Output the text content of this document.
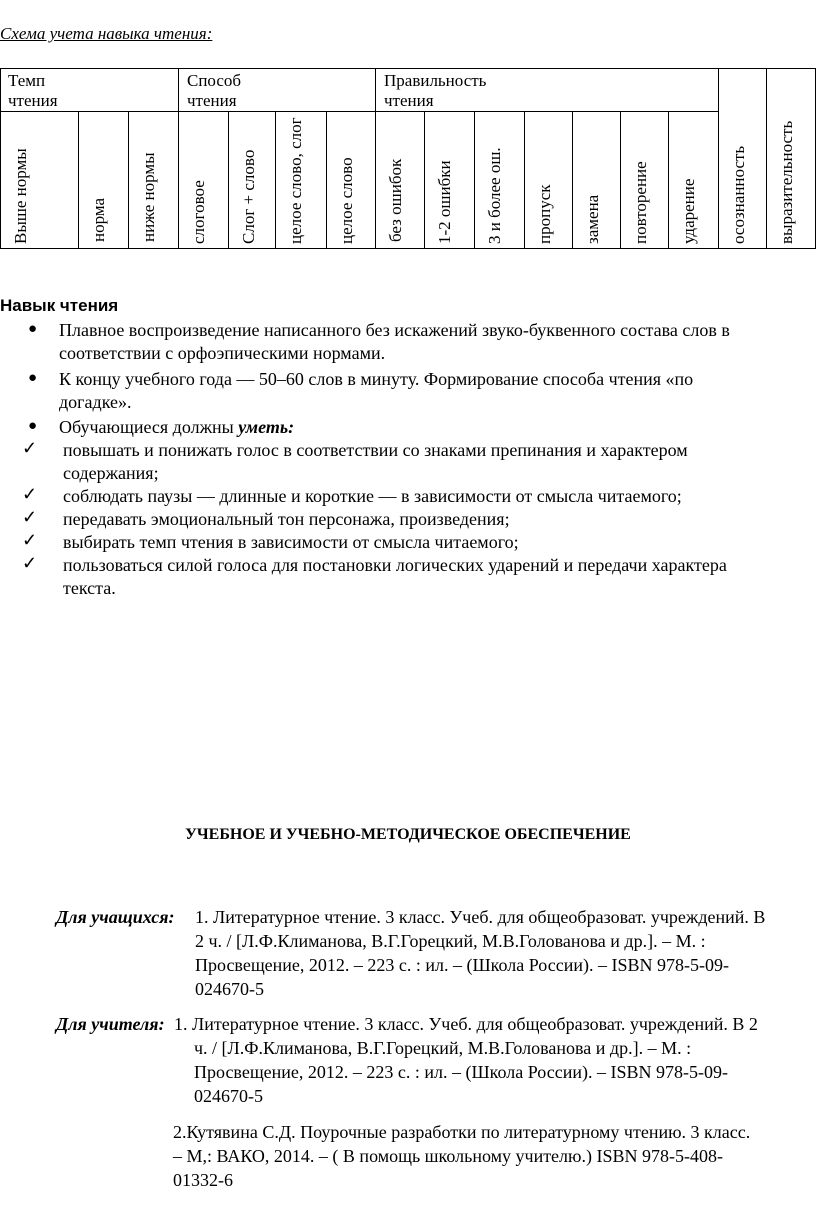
Схема учета навыка чтения:
Темп чтения
Способ чтения
Правильность чтения
Выше нормы	норма ниже нормы слоговое Слог + слово целое слово, слог целое слово без ошибок 1-2 ошибки 3 и более ош. пропуск замена повторение ударение осознанность выразительность
Навык чтения
● Плавное воспроизведение написанного без искажений звуко-буквенного состава слов в
соответствии с орфоэпическими нормами.
● К концу учебного года — 50–60 слов в минуту. Формирование способа чтения «по
догадке».
● Обучающиеся должны уметь:
✓ повышать и понижать голос в соответствии со знаками препинания и характером
содержания;
✓ соблюдать паузы — длинные и короткие — в зависимости от смысла читаемого;
✓ передавать эмоциональный тон персонажа, произведения;
✓ выбирать темп чтения в зависимости от смысла читаемого;
✓ пользоваться силой голоса для постановки логических ударений и передачи характера
текста.
УЧЕБНОЕ И УЧЕБНО-МЕТОДИЧЕСКОЕ ОБЕСПЕЧЕНИЕ
Для учащихся: 1. Литературное чтение. 3 класс. Учеб. для общеобразоват. учреждений. В
2 ч. / [Л.Ф.Климанова, В.Г.Горецкий, М.В.Голованова и др.]. – М. :
Просвещение, 2012. – 223 с. : ил. – (Школа России). – ISBN 978-5-09-
024670-5
Для учителя: 1. Литературное чтение. 3 класс. Учеб. для общеобразоват. учреждений. В 2
ч. / [Л.Ф.Климанова, В.Г.Горецкий, М.В.Голованова и др.]. – М. :
Просвещение, 2012. – 223 с. : ил. – (Школа России). – ISBN 978-5-09-
024670-5
2.Кутявина С.Д. Поурочные разработки по литературному чтению. 3 класс.
– М,: ВАКО, 2014. – ( В помощь школьному учителю.) ISBN 978-5-408-
01332-6
